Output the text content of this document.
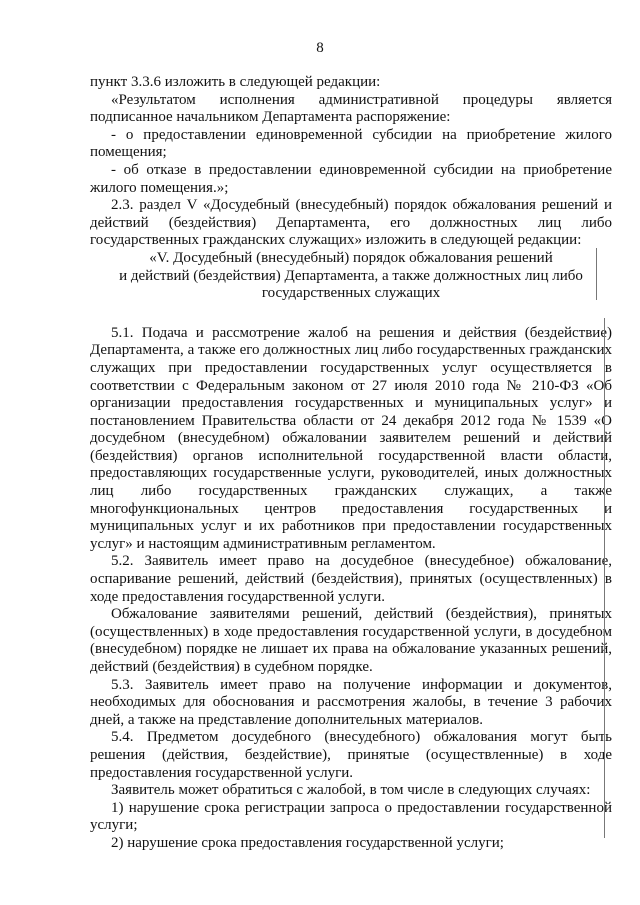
8

пункт 3.3.6 изложить в следующей редакции:

«Результатом исполнения административной процедуры является подписанное начальником Департамента распоряжение:

- о предоставлении единовременной субсидии на приобретение жилого помещения;

- об отказе в предоставлении единовременной субсидии на приобретение жилого помещения.»;

2.3. раздел V «Досудебный (внесудебный) порядок обжалования решений и действий (бездействия) Департамента, его должностных лиц либо государственных гражданских служащих» изложить в следующей редакции:

«V. Досудебный (внесудебный) порядок обжалования решений

и действий (бездействия) Департамента, а также должностных лиц либо

государственных служащих

5.1. Подача и рассмотрение жалоб на решения и действия (бездействие) Департамента, а также его должностных лиц либо государственных гражданских служащих при предоставлении государственных услуг осуществляется в соответствии с Федеральным законом от 27 июля 2010 года № 210-ФЗ «Об организации предоставления государственных и муниципальных услуг» и постановлением Правительства области от 24 декабря 2012 года № 1539 «О досудебном (внесудебном) обжаловании заявителем решений и действий (бездействия) органов исполнительной государственной власти области, предоставляющих государственные услуги, руководителей, иных должностных лиц либо государственных гражданских служащих, а также многофункциональных центров предоставления государственных и муниципальных услуг и их работников при предоставлении государственных услуг» и настоящим административным регламентом.

5.2. Заявитель имеет право на досудебное (внесудебное) обжалование, оспаривание решений, действий (бездействия), принятых (осуществленных) в ходе предоставления государственной услуги.

Обжалование заявителями решений, действий (бездействия), принятых (осуществленных) в ходе предоставления государственной услуги, в досудебном (внесудебном) порядке не лишает их права на обжалование указанных решений, действий (бездействия) в судебном порядке.

5.3. Заявитель имеет право на получение информации и документов, необходимых для обоснования и рассмотрения жалобы, в течение 3 рабочих дней, а также на представление дополнительных материалов.

5.4. Предметом досудебного (внесудебного) обжалования могут быть решения (действия, бездействие), принятые (осуществленные) в ходе предоставления государственной услуги.

Заявитель может обратиться с жалобой, в том числе в следующих случаях:

1) нарушение срока регистрации запроса о предоставлении государственной услуги;

2) нарушение срока предоставления государственной услуги;
